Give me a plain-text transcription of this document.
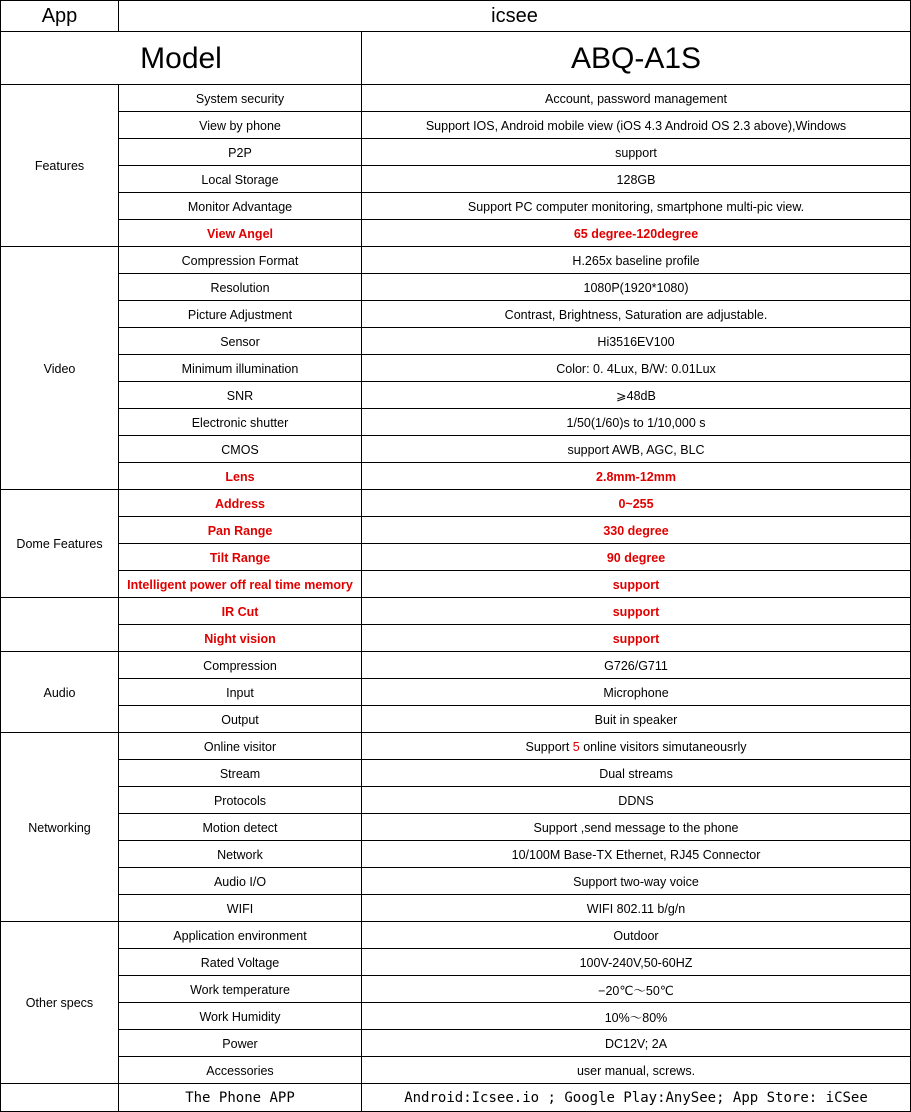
App	icsee	
Model		ABQ-A1S
Features	System security	Account, password management
	View by phone	Support IOS, Android mobile view (iOS 4.3 Android OS 2.3 above),Windows
	P2P	support
	Local Storage	128GB
	Monitor Advantage	Support PC computer monitoring, smartphone multi-pic view.
	View Angel	65 degree-120degree
Video	Compression Format	H.265x baseline profile
	Resolution	1080P(1920*1080)
	Picture Adjustment	Contrast, Brightness, Saturation are adjustable.
	Sensor	Hi3516EV100
	Minimum illumination	Color: 0. 4Lux, B/W: 0.01Lux
	SNR	⩾48dB
	Electronic shutter	1/50(1/60)s to 1/10,000 s
	CMOS	support AWB, AGC, BLC
	Lens	2.8mm-12mm
Dome Features	Address	0~255
	Pan Range	330 degree
	Tilt Range	90 degree
	Intelligent power off real time memory	support
	IR Cut	support
	Night vision	support
Audio	Compression	G726/G711
	Input	Microphone
	Output	Buit in speaker
Networking	Online visitor	Support 5 online visitors simutaneousrly
	Stream	Dual streams
	Protocols	DDNS
	Motion detect	Support ,send message to the phone
	Network	10/100M Base-TX Ethernet, RJ45 Connector
	Audio I/O	Support two-way voice
	WIFI	WIFI 802.11 b/g/n
Other specs	Application environment	Outdoor
	Rated Voltage	100V-240V,50-60HZ
	Work temperature	−20℃～50℃
	Work Humidity	10%～80%
	Power	DC12V; 2A
	Accessories	user manual, screws.
	The Phone APP	Android:Icsee.io ; Google Play:AnySee; App Store: iCSee
